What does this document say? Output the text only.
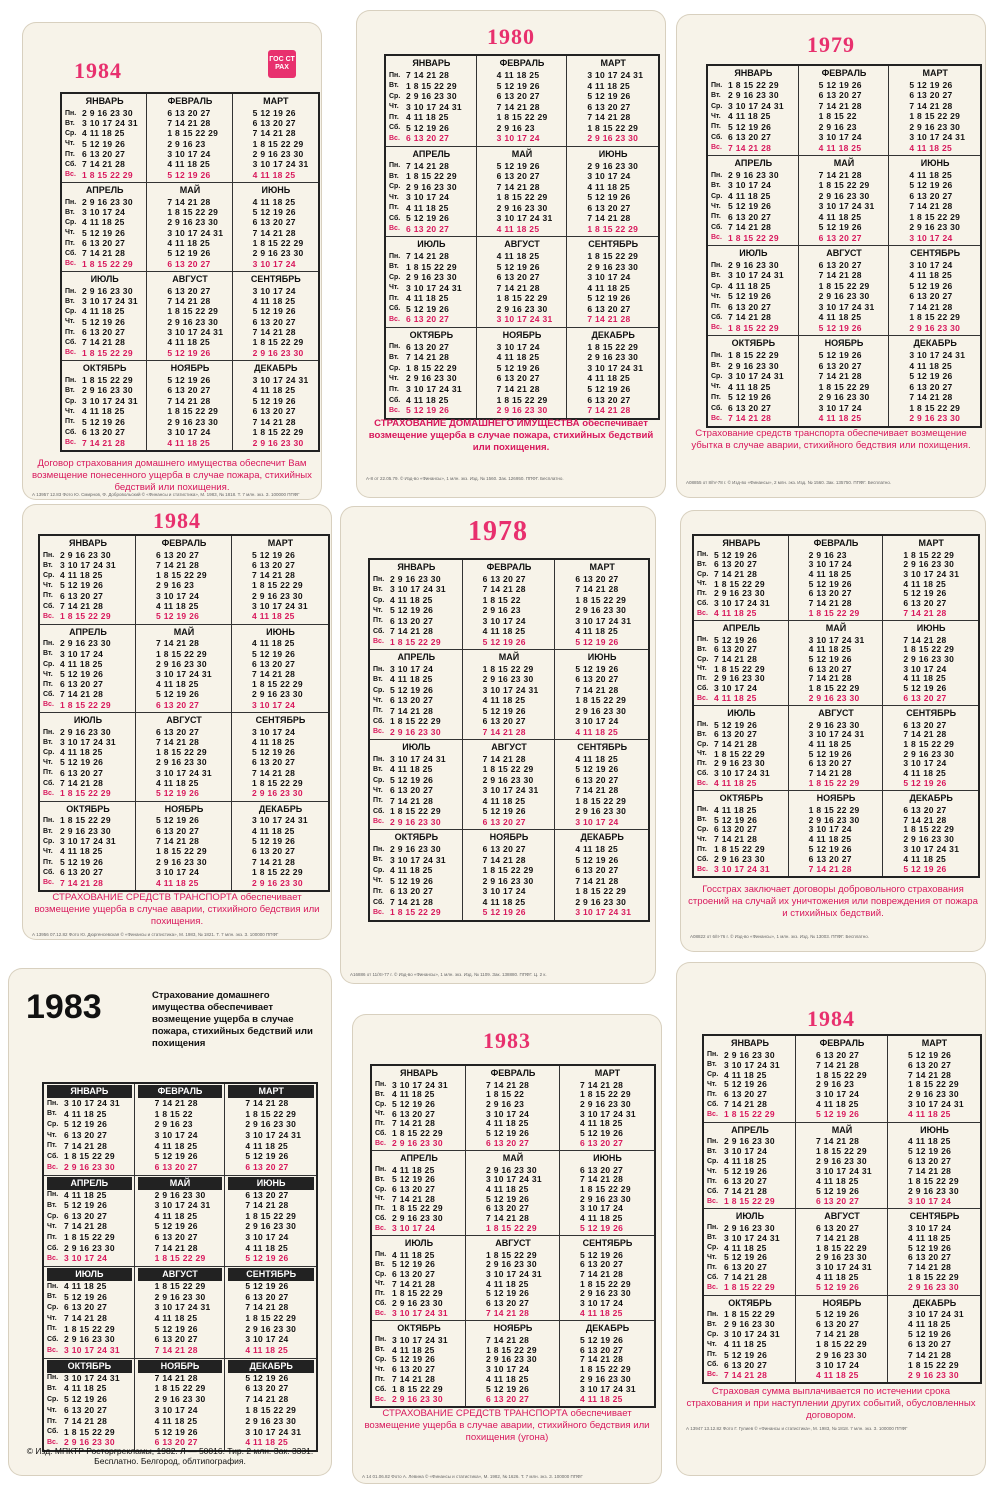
1984	ГОС СТ РАХ
ЯНВАРЬ
Пн. 2 9 16 23 30
Вт. 3 10 17 24 31
Ср. 4 11 18 25
Чт. 5 12 19 26
Пт. 6 13 20 27
Сб. 7 14 21 28
Вс. 1 8 15 22 29
ФЕВРАЛЬ
6 13 20 27
7 14 21 28
1 8 15 22 29
2 9 16 23
3 10 17 24
4 11 18 25
5 12 19 26
МАРТ
5 12 19 26
6 13 20 27
7 14 21 28
1 8 15 22 29
2 9 16 23 30
3 10 17 24 31
4 11 18 25
АПРЕЛЬ
Пн. 2 9 16 23 30
Вт. 3 10 17 24
Ср. 4 11 18 25
Чт. 5 12 19 26
Пт. 6 13 20 27
Сб. 7 14 21 28
Вс. 1 8 15 22 29
МАЙ
7 14 21 28
1 8 15 22 29
2 9 16 23 30
3 10 17 24 31
4 11 18 25
5 12 19 26
6 13 20 27
ИЮНЬ
4 11 18 25
5 12 19 26
6 13 20 27
7 14 21 28
1 8 15 22 29
2 9 16 23 30
3 10 17 24
ИЮЛЬ
Пн. 2 9 16 23 30
Вт. 3 10 17 24 31
Ср. 4 11 18 25
Чт. 5 12 19 26
Пт. 6 13 20 27
Сб. 7 14 21 28
Вс. 1 8 15 22 29
АВГУСТ
6 13 20 27
7 14 21 28
1 8 15 22 29
2 9 16 23 30
3 10 17 24 31
4 11 18 25
5 12 19 26
СЕНТЯБРЬ
3 10 17 24
4 11 18 25
5 12 19 26
6 13 20 27
7 14 21 28
1 8 15 22 29
2 9 16 23 30
ОКТЯБРЬ
Пн. 1 8 15 22 29
Вт. 2 9 16 23 30
Ср. 3 10 17 24 31
Чт. 4 11 18 25
Пт. 5 12 19 26
Сб. 6 13 20 27
Вс. 7 14 21 28
НОЯБРЬ
5 12 19 26
6 13 20 27
7 14 21 28
1 8 15 22 29
2 9 16 23 30
3 10 17 24
4 11 18 25
ДЕКАБРЬ
3 10 17 24 31
4 11 18 25
5 12 19 26
6 13 20 27
7 14 21 28
1 8 15 22 29
2 9 16 23 30
Договор страхования домашнего имущества обеспечит Вам возмещение понесенного ущерба в случае пожара, стихийных бедствий или похищения.
А 13957 12.83 Фото Ю. Смирнов, Ф. Добровольский © «Финансы и статистика», М. 1983, № 1818. Т. 7 млн. экз. З. 100000 ППФГ
1980
ЯНВАРЬ
Пн. 7 14 21 28
Вт. 1 8 15 22 29
Ср. 2 9 16 23 30
Чт. 3 10 17 24 31
Пт. 4 11 18 25
Сб. 5 12 19 26
Вс. 6 13 20 27
ФЕВРАЛЬ
4 11 18 25
5 12 19 26
6 13 20 27
7 14 21 28
1 8 15 22 29
2 9 16 23
3 10 17 24
МАРТ
3 10 17 24 31
4 11 18 25
5 12 19 26
6 13 20 27
7 14 21 28
1 8 15 22 29
2 9 16 23 30
АПРЕЛЬ
Пн. 7 14 21 28
Вт. 1 8 15 22 29
Ср. 2 9 16 23 30
Чт. 3 10 17 24
Пт. 4 11 18 25
Сб. 5 12 19 26
Вс. 6 13 20 27
МАЙ
5 12 19 26
6 13 20 27
7 14 21 28
1 8 15 22 29
2 9 16 23 30
3 10 17 24 31
4 11 18 25
ИЮНЬ
2 9 16 23 30
3 10 17 24
4 11 18 25
5 12 19 26
6 13 20 27
7 14 21 28
1 8 15 22 29
ИЮЛЬ
Пн. 7 14 21 28
Вт. 1 8 15 22 29
Ср. 2 9 16 23 30
Чт. 3 10 17 24 31
Пт. 4 11 18 25
Сб. 5 12 19 26
Вс. 6 13 20 27
АВГУСТ
4 11 18 25
5 12 19 26
6 13 20 27
7 14 21 28
1 8 15 22 29
2 9 16 23 30
3 10 17 24 31
СЕНТЯБРЬ
1 8 15 22 29
2 9 16 23 30
3 10 17 24
4 11 18 25
5 12 19 26
6 13 20 27
7 14 21 28
ОКТЯБРЬ
Пн. 6 13 20 27
Вт. 7 14 21 28
Ср. 1 8 15 22 29
Чт. 2 9 16 23 30
Пт. 3 10 17 24 31
Сб. 4 11 18 25
Вс. 5 12 19 26
НОЯБРЬ
3 10 17 24
4 11 18 25
5 12 19 26
6 13 20 27
7 14 21 28
1 8 15 22 29
2 9 16 23 30
ДЕКАБРЬ
1 8 15 22 29
2 9 16 23 30
3 10 17 24 31
4 11 18 25
5 12 19 26
6 13 20 27
7 14 21 28
СТРАХОВАНИЕ ДОМАШНЕГО ИМУЩЕСТВА обеспечивает возмещение ущерба в случае пожара, стихийных бедствий или похищения.
А-8 от 22.05.79. © Изд-во «Финансы», 1 млн. экз. Изд. № 1560. Зак. 126950. ППФГ. Бесплатно.
1979
ЯНВАРЬ
Пн. 1 8 15 22 29
Вт. 2 9 16 23 30
Ср. 3 10 17 24 31
Чт. 4 11 18 25
Пт. 5 12 19 26
Сб. 6 13 20 27
Вс. 7 14 21 28
ФЕВРАЛЬ
5 12 19 26
6 13 20 27
7 14 21 28
1 8 15 22
2 9 16 23
3 10 17 24
4 11 18 25
МАРТ
5 12 19 26
6 13 20 27
7 14 21 28
1 8 15 22 29
2 9 16 23 30
3 10 17 24 31
4 11 18 25
АПРЕЛЬ
Пн. 2 9 16 23 30
Вт. 3 10 17 24
Ср. 4 11 18 25
Чт. 5 12 19 26
Пт. 6 13 20 27
Сб. 7 14 21 28
Вс. 1 8 15 22 29
МАЙ
7 14 21 28
1 8 15 22 29
2 9 16 23 30
3 10 17 24 31
4 11 18 25
5 12 19 26
6 13 20 27
ИЮНЬ
4 11 18 25
5 12 19 26
6 13 20 27
7 14 21 28
1 8 15 22 29
2 9 16 23 30
3 10 17 24
ИЮЛЬ
Пн. 2 9 16 23 30
Вт. 3 10 17 24 31
Ср. 4 11 18 25
Чт. 5 12 19 26
Пт. 6 13 20 27
Сб. 7 14 21 28
Вс. 1 8 15 22 29
АВГУСТ
6 13 20 27
7 14 21 28
1 8 15 22 29
2 9 16 23 30
3 10 17 24 31
4 11 18 25
5 12 19 26
СЕНТЯБРЬ
3 10 17 24
4 11 18 25
5 12 19 26
6 13 20 27
7 14 21 28
1 8 15 22 29
2 9 16 23 30
ОКТЯБРЬ
Пн. 1 8 15 22 29
Вт. 2 9 16 23 30
Ср. 3 10 17 24 31
Чт. 4 11 18 25
Пт. 5 12 19 26
Сб. 6 13 20 27
Вс. 7 14 21 28
НОЯБРЬ
5 12 19 26
6 13 20 27
7 14 21 28
1 8 15 22 29
2 9 16 23 30
3 10 17 24
4 11 18 25
ДЕКАБРЬ
3 10 17 24 31
4 11 18 25
5 12 19 26
6 13 20 27
7 14 21 28
1 8 15 22 29
2 9 16 23 30
Страхование средств транспорта обеспечивает возмещение убытка в случае аварии, стихийного бедствия или похищения.
А08855 от 8/IV-78 г. © Изд-во «Финансы», 2 млн. экз. Изд. № 1560. Зак. 135750. ППФГ. Бесплатно.
1984
ЯНВАРЬ
Пн. 2 9 16 23 30
Вт. 3 10 17 24 31
Ср. 4 11 18 25
Чт. 5 12 19 26
Пт. 6 13 20 27
Сб. 7 14 21 28
Вс. 1 8 15 22 29
ФЕВРАЛЬ
6 13 20 27
7 14 21 28
1 8 15 22 29
2 9 16 23
3 10 17 24
4 11 18 25
5 12 19 26
МАРТ
5 12 19 26
6 13 20 27
7 14 21 28
1 8 15 22 29
2 9 16 23 30
3 10 17 24 31
4 11 18 25
АПРЕЛЬ
Пн. 2 9 16 23 30
Вт. 3 10 17 24
Ср. 4 11 18 25
Чт. 5 12 19 26
Пт. 6 13 20 27
Сб. 7 14 21 28
Вс. 1 8 15 22 29
МАЙ
7 14 21 28
1 8 15 22 29
2 9 16 23 30
3 10 17 24 31
4 11 18 25
5 12 19 26
6 13 20 27
ИЮНЬ
4 11 18 25
5 12 19 26
6 13 20 27
7 14 21 28
1 8 15 22 29
2 9 16 23 30
3 10 17 24
ИЮЛЬ
Пн. 2 9 16 23 30
Вт. 3 10 17 24 31
Ср. 4 11 18 25
Чт. 5 12 19 26
Пт. 6 13 20 27
Сб. 7 14 21 28
Вс. 1 8 15 22 29
АВГУСТ
6 13 20 27
7 14 21 28
1 8 15 22 29
2 9 16 23 30
3 10 17 24 31
4 11 18 25
5 12 19 26
СЕНТЯБРЬ
3 10 17 24
4 11 18 25
5 12 19 26
6 13 20 27
7 14 21 28
1 8 15 22 29
2 9 16 23 30
ОКТЯБРЬ
Пн. 1 8 15 22 29
Вт. 2 9 16 23 30
Ср. 3 10 17 24 31
Чт. 4 11 18 25
Пт. 5 12 19 26
Сб. 6 13 20 27
Вс. 7 14 21 28
НОЯБРЬ
5 12 19 26
6 13 20 27
7 14 21 28
1 8 15 22 29
2 9 16 23 30
3 10 17 24
4 11 18 25
ДЕКАБРЬ
3 10 17 24 31
4 11 18 25
5 12 19 26
6 13 20 27
7 14 21 28
1 8 15 22 29
2 9 16 23 30
СТРАХОВАНИЕ СРЕДСТВ ТРАНСПОРТА обеспечивает возмещение ущерба в случае аварии, стихийного бедствия или похищения.
А 13956 07.12.82 Фото Ю. Дюргенсевская © «Финансы и статистика», М. 1983, № 1821. Т. 7 млн. экз. З. 100000 ППФГ
1978
ЯНВАРЬ
Пн. 2 9 16 23 30
Вт. 3 10 17 24 31
Ср. 4 11 18 25
Чт. 5 12 19 26
Пт. 6 13 20 27
Сб. 7 14 21 28
Вс. 1 8 15 22 29
ФЕВРАЛЬ
6 13 20 27
7 14 21 28
1 8 15 22
2 9 16 23
3 10 17 24
4 11 18 25
5 12 19 26
МАРТ
6 13 20 27
7 14 21 28
1 8 15 22 29
2 9 16 23 30
3 10 17 24 31
4 11 18 25
5 12 19 26
АПРЕЛЬ
Пн. 3 10 17 24
Вт. 4 11 18 25
Ср. 5 12 19 26
Чт. 6 13 20 27
Пт. 7 14 21 28
Сб. 1 8 15 22 29
Вс. 2 9 16 23 30
МАЙ
1 8 15 22 29
2 9 16 23 30
3 10 17 24 31
4 11 18 25
5 12 19 26
6 13 20 27
7 14 21 28
ИЮНЬ
5 12 19 26
6 13 20 27
7 14 21 28
1 8 15 22 29
2 9 16 23 30
3 10 17 24
4 11 18 25
ИЮЛЬ
Пн. 3 10 17 24 31
Вт. 4 11 18 25
Ср. 5 12 19 26
Чт. 6 13 20 27
Пт. 7 14 21 28
Сб. 1 8 15 22 29
Вс. 2 9 16 23 30
АВГУСТ
7 14 21 28
1 8 15 22 29
2 9 16 23 30
3 10 17 24 31
4 11 18 25
5 12 19 26
6 13 20 27
СЕНТЯБРЬ
4 11 18 25
5 12 19 26
6 13 20 27
7 14 21 28
1 8 15 22 29
2 9 16 23 30
3 10 17 24
ОКТЯБРЬ
Пн. 2 9 16 23 30
Вт. 3 10 17 24 31
Ср. 4 11 18 25
Чт. 5 12 19 26
Пт. 6 13 20 27
Сб. 7 14 21 28
Вс. 1 8 15 22 29
НОЯБРЬ
6 13 20 27
7 14 21 28
1 8 15 22 29
2 9 16 23 30
3 10 17 24
4 11 18 25
5 12 19 26
ДЕКАБРЬ
4 11 18 25
5 12 19 26
6 13 20 27
7 14 21 28
1 8 15 22 29
2 9 16 23 30
3 10 17 24 31
А16886 от 11/XI-77 г. © Изд-во «Финансы», 1 млн. экз. Изд. № 1109. Зак. 138880. ППФГ. Ц. 2 к.
ЯНВАРЬ
Пн. 5 12 19 26
Вт. 6 13 20 27
Ср. 7 14 21 28
Чт. 1 8 15 22 29
Пт. 2 9 16 23 30
Сб. 3 10 17 24 31
Вс. 4 11 18 25
ФЕВРАЛЬ
2 9 16 23
3 10 17 24
4 11 18 25
5 12 19 26
6 13 20 27
7 14 21 28
1 8 15 22 29
МАРТ
1 8 15 22 29
2 9 16 23 30
3 10 17 24 31
4 11 18 25
5 12 19 26
6 13 20 27
7 14 21 28
АПРЕЛЬ
Пн. 5 12 19 26
Вт. 6 13 20 27
Ср. 7 14 21 28
Чт. 1 8 15 22 29
Пт. 2 9 16 23 30
Сб. 3 10 17 24
Вс. 4 11 18 25
МАЙ
3 10 17 24 31
4 11 18 25
5 12 19 26
6 13 20 27
7 14 21 28
1 8 15 22 29
2 9 16 23 30
ИЮНЬ
7 14 21 28
1 8 15 22 29
2 9 16 23 30
3 10 17 24
4 11 18 25
5 12 19 26
6 13 20 27
ИЮЛЬ
Пн. 5 12 19 26
Вт. 6 13 20 27
Ср. 7 14 21 28
Чт. 1 8 15 22 29
Пт. 2 9 16 23 30
Сб. 3 10 17 24 31
Вс. 4 11 18 25
АВГУСТ
2 9 16 23 30
3 10 17 24 31
4 11 18 25
5 12 19 26
6 13 20 27
7 14 21 28
1 8 15 22 29
СЕНТЯБРЬ
6 13 20 27
7 14 21 28
1 8 15 22 29
2 9 16 23 30
3 10 17 24
4 11 18 25
5 12 19 26
ОКТЯБРЬ
Пн. 4 11 18 25
Вт. 5 12 19 26
Ср. 6 13 20 27
Чт. 7 14 21 28
Пт. 1 8 15 22 29
Сб. 2 9 16 23 30
Вс. 3 10 17 24 31
НОЯБРЬ
1 8 15 22 29
2 9 16 23 30
3 10 17 24
4 11 18 25
5 12 19 26
6 13 20 27
7 14 21 28
ДЕКАБРЬ
6 13 20 27
7 14 21 28
1 8 15 22 29
2 9 16 23 30
3 10 17 24 31
4 11 18 25
5 12 19 26
Госстрах заключает договоры добровольного страхования строений на случай их уничтожения или повреждения от пожара и стихийных бедствий.
А08822 от 6/II-76 г. © Изд-во «Финансы», 1 млн. экз. Изд. № 13003. ППФГ. Бесплатно.
1983	Страхование домашнего имущества обеспечивает возмещение ущерба в случае пожара, стихийных бедствий или похищения
ЯНВАРЬ
Пн. 3 10 17 24 31
Вт. 4 11 18 25
Ср. 5 12 19 26
Чт. 6 13 20 27
Пт. 7 14 21 28
Сб. 1 8 15 22 29
Вс. 2 9 16 23 30
ФЕВРАЛЬ
7 14 21 28
1 8 15 22
2 9 16 23
3 10 17 24
4 11 18 25
5 12 19 26
6 13 20 27
МАРТ
7 14 21 28
1 8 15 22 29
2 9 16 23 30
3 10 17 24 31
4 11 18 25
5 12 19 26
6 13 20 27
АПРЕЛЬ
Пн. 4 11 18 25
Вт. 5 12 19 26
Ср. 6 13 20 27
Чт. 7 14 21 28
Пт. 1 8 15 22 29
Сб. 2 9 16 23 30
Вс. 3 10 17 24
МАЙ
2 9 16 23 30
3 10 17 24 31
4 11 18 25
5 12 19 26
6 13 20 27
7 14 21 28
1 8 15 22 29
ИЮНЬ
6 13 20 27
7 14 21 28
1 8 15 22 29
2 9 16 23 30
3 10 17 24
4 11 18 25
5 12 19 26
ИЮЛЬ
Пн. 4 11 18 25
Вт. 5 12 19 26
Ср. 6 13 20 27
Чт. 7 14 21 28
Пт. 1 8 15 22 29
Сб. 2 9 16 23 30
Вс. 3 10 17 24 31
АВГУСТ
1 8 15 22 29
2 9 16 23 30
3 10 17 24 31
4 11 18 25
5 12 19 26
6 13 20 27
7 14 21 28
СЕНТЯБРЬ
5 12 19 26
6 13 20 27
7 14 21 28
1 8 15 22 29
2 9 16 23 30
3 10 17 24
4 11 18 25
ОКТЯБРЬ
Пн. 3 10 17 24 31
Вт. 4 11 18 25
Ср. 5 12 19 26
Чт. 6 13 20 27
Пт. 7 14 21 28
Сб. 1 8 15 22 29
Вс. 2 9 16 23 30
НОЯБРЬ
7 14 21 28
1 8 15 22 29
2 9 16 23 30
3 10 17 24
4 11 18 25
5 12 19 26
6 13 20 27
ДЕКАБРЬ
5 12 19 26
6 13 20 27
7 14 21 28
1 8 15 22 29
2 9 16 23 30
3 10 17 24 31
4 11 18 25
© Изд. МПКТР Росторгрекламы, 1982. Л — 50016. Тир. 2 млн. Зак. 3331. Бесплатно. Белгород, облтипография.
1983
ЯНВАРЬ
Пн. 3 10 17 24 31
Вт. 4 11 18 25
Ср. 5 12 19 26
Чт. 6 13 20 27
Пт. 7 14 21 28
Сб. 1 8 15 22 29
Вс. 2 9 16 23 30
ФЕВРАЛЬ
7 14 21 28
1 8 15 22
2 9 16 23
3 10 17 24
4 11 18 25
5 12 19 26
6 13 20 27
МАРТ
7 14 21 28
1 8 15 22 29
2 9 16 23 30
3 10 17 24 31
4 11 18 25
5 12 19 26
6 13 20 27
АПРЕЛЬ
Пн. 4 11 18 25
Вт. 5 12 19 26
Ср. 6 13 20 27
Чт. 7 14 21 28
Пт. 1 8 15 22 29
Сб. 2 9 16 23 30
Вс. 3 10 17 24
МАЙ
2 9 16 23 30
3 10 17 24 31
4 11 18 25
5 12 19 26
6 13 20 27
7 14 21 28
1 8 15 22 29
ИЮНЬ
6 13 20 27
7 14 21 28
1 8 15 22 29
2 9 16 23 30
3 10 17 24
4 11 18 25
5 12 19 26
ИЮЛЬ
Пн. 4 11 18 25
Вт. 5 12 19 26
Ср. 6 13 20 27
Чт. 7 14 21 28
Пт. 1 8 15 22 29
Сб. 2 9 16 23 30
Вс. 3 10 17 24 31
АВГУСТ
1 8 15 22 29
2 9 16 23 30
3 10 17 24 31
4 11 18 25
5 12 19 26
6 13 20 27
7 14 21 28
СЕНТЯБРЬ
5 12 19 26
6 13 20 27
7 14 21 28
1 8 15 22 29
2 9 16 23 30
3 10 17 24
4 11 18 25
ОКТЯБРЬ
Пн. 3 10 17 24 31
Вт. 4 11 18 25
Ср. 5 12 19 26
Чт. 6 13 20 27
Пт. 7 14 21 28
Сб. 1 8 15 22 29
Вс. 2 9 16 23 30
НОЯБРЬ
7 14 21 28
1 8 15 22 29
2 9 16 23 30
3 10 17 24
4 11 18 25
5 12 19 26
6 13 20 27
ДЕКАБРЬ
5 12 19 26
6 13 20 27
7 14 21 28
1 8 15 22 29
2 9 16 23 30
3 10 17 24 31
4 11 18 25
СТРАХОВАНИЕ СРЕДСТВ ТРАНСПОРТА обеспечивает возмещение ущерба в случае аварии, стихийного бедствия или похищения (угона)
А 14 01.06.82 Фото А. Левина © «Финансы и статистика», М. 1982, № 1626. Т. 7 млн. экз. З. 100000 ППФГ
1984
ЯНВАРЬ
Пн. 2 9 16 23 30
Вт. 3 10 17 24 31
Ср. 4 11 18 25
Чт. 5 12 19 26
Пт. 6 13 20 27
Сб. 7 14 21 28
Вс. 1 8 15 22 29
ФЕВРАЛЬ
6 13 20 27
7 14 21 28
1 8 15 22 29
2 9 16 23
3 10 17 24
4 11 18 25
5 12 19 26
МАРТ
5 12 19 26
6 13 20 27
7 14 21 28
1 8 15 22 29
2 9 16 23 30
3 10 17 24 31
4 11 18 25
АПРЕЛЬ
Пн. 2 9 16 23 30
Вт. 3 10 17 24
Ср. 4 11 18 25
Чт. 5 12 19 26
Пт. 6 13 20 27
Сб. 7 14 21 28
Вс. 1 8 15 22 29
МАЙ
7 14 21 28
1 8 15 22 29
2 9 16 23 30
3 10 17 24 31
4 11 18 25
5 12 19 26
6 13 20 27
ИЮНЬ
4 11 18 25
5 12 19 26
6 13 20 27
7 14 21 28
1 8 15 22 29
2 9 16 23 30
3 10 17 24
ИЮЛЬ
Пн. 2 9 16 23 30
Вт. 3 10 17 24 31
Ср. 4 11 18 25
Чт. 5 12 19 26
Пт. 6 13 20 27
Сб. 7 14 21 28
Вс. 1 8 15 22 29
АВГУСТ
6 13 20 27
7 14 21 28
1 8 15 22 29
2 9 16 23 30
3 10 17 24 31
4 11 18 25
5 12 19 26
СЕНТЯБРЬ
3 10 17 24
4 11 18 25
5 12 19 26
6 13 20 27
7 14 21 28
1 8 15 22 29
2 9 16 23 30
ОКТЯБРЬ
Пн. 1 8 15 22 29
Вт. 2 9 16 23 30
Ср. 3 10 17 24 31
Чт. 4 11 18 25
Пт. 5 12 19 26
Сб. 6 13 20 27
Вс. 7 14 21 28
НОЯБРЬ
5 12 19 26
6 13 20 27
7 14 21 28
1 8 15 22 29
2 9 16 23 30
3 10 17 24
4 11 18 25
ДЕКАБРЬ
3 10 17 24 31
4 11 18 25
5 12 19 26
6 13 20 27
7 14 21 28
1 8 15 22 29
2 9 16 23 30
Страховая сумма выплачивается по истечении срока страхования и при наступлении других событий, обусловленных договором.
А 13947 13.12.82 Фото Г. Гулиев © «Финансы и статистика», М. 1983, № 1818. 7 млн. экз. З. 100000 ППФГ
